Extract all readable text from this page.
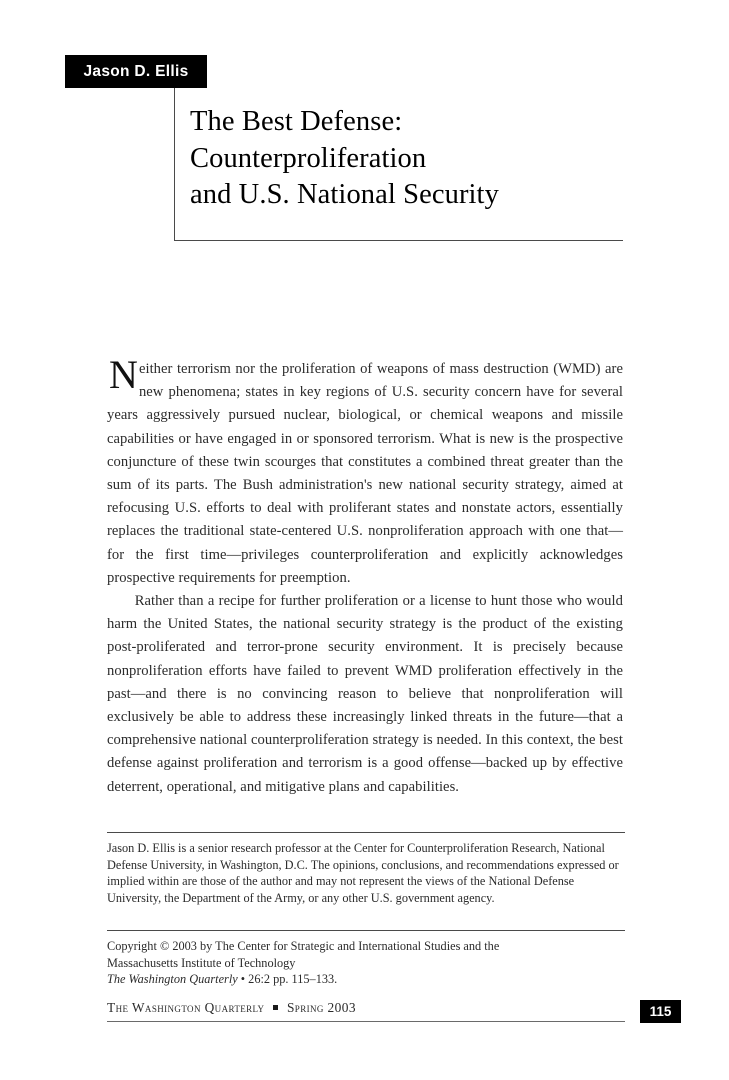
Jason D. Ellis
The Best Defense:
Counterproliferation
and U.S. National Security

Neither terrorism nor the proliferation of weapons of mass destruction (WMD) are new phenomena; states in key regions of U.S. security concern have for several years aggressively pursued nuclear, biological, or chemical weapons and missile capabilities or have engaged in or sponsored terrorism. What is new is the prospective conjuncture of these twin scourges that constitutes a combined threat greater than the sum of its parts. The Bush administration's new national security strategy, aimed at refocusing U.S. efforts to deal with proliferant states and nonstate actors, essentially replaces the traditional state-centered U.S. nonproliferation approach with one that—for the first time—privileges counterproliferation and explicitly acknowledges prospective requirements for preemption.

Rather than a recipe for further proliferation or a license to hunt those who would harm the United States, the national security strategy is the product of the existing post-proliferated and terror-prone security environment. It is precisely because nonproliferation efforts have failed to prevent WMD proliferation effectively in the past—and there is no convincing reason to believe that nonproliferation will exclusively be able to address these increasingly linked threats in the future—that a comprehensive national counterproliferation strategy is needed. In this context, the best defense against proliferation and terrorism is a good offense—backed up by effective deterrent, operational, and mitigative plans and capabilities.

Jason D. Ellis is a senior research professor at the Center for Counterproliferation Research, National Defense University, in Washington, D.C. The opinions, conclusions, and recommendations expressed or implied within are those of the author and may not represent the views of the National Defense University, the Department of the Army, or any other U.S. government agency.

Copyright © 2003 by The Center for Strategic and International Studies and the

Massachusetts Institute of Technology

The Washington Quarterly • 26:2 pp. 115–133.

The Washington Quarterly Spring 2003	115
